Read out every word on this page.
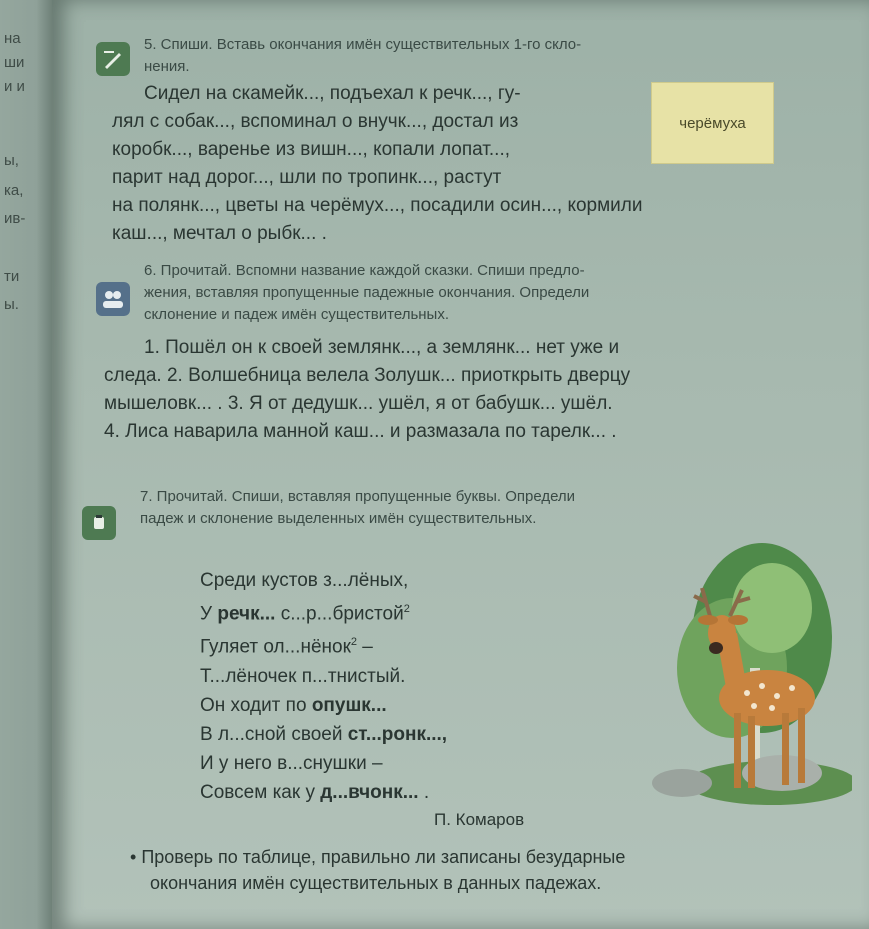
на
ши
и и
ы,
ка,
ив-
ти
ы.
5. Спиши. Вставь окончания имён существительных 1-го скло-
нения.
Сидел на скамейк..., подъехал к речк..., гу-
лял с собак..., вспоминал о внучк..., достал из
коробк..., варенье из вишн..., копали лопат...,
парит над дорог..., шли по тропинк..., растут
на полянк..., цветы на черёмух..., посадили осин..., кормили
каш..., мечтал о рыбк... .
черёмуха
6. Прочитай. Вспомни название каждой сказки. Спиши предло-
жения, вставляя пропущенные падежные окончания. Определи
склонение и падеж имён существительных.
1. Пошёл он к своей землянк..., а землянк... нет уже и
следа. 2. Волшебница велела Золушк... приоткрыть дверцу
мышеловк... . 3. Я от дедушк... ушёл, я от бабушк... ушёл.
4. Лиса наварила манной каш... и размазала по тарелк... .
7. Прочитай. Спиши, вставляя пропущенные буквы. Определи
падеж и склонение выделенных имён существительных.
Среди кустов з...лёных,
У речк... с...р...бристой$^2$
Гуляет ол...нёнок$^2$ –
Т...лёночек п...тнистый.
Он ходит по опушк...
В л...сной своей ст...ронк...,
И у него в...снушки –
Совсем как у д...вчонк... .
П. Комаров
• Проверь по таблице, правильно ли записаны безударные
окончания имён существительных в данных падежах.
